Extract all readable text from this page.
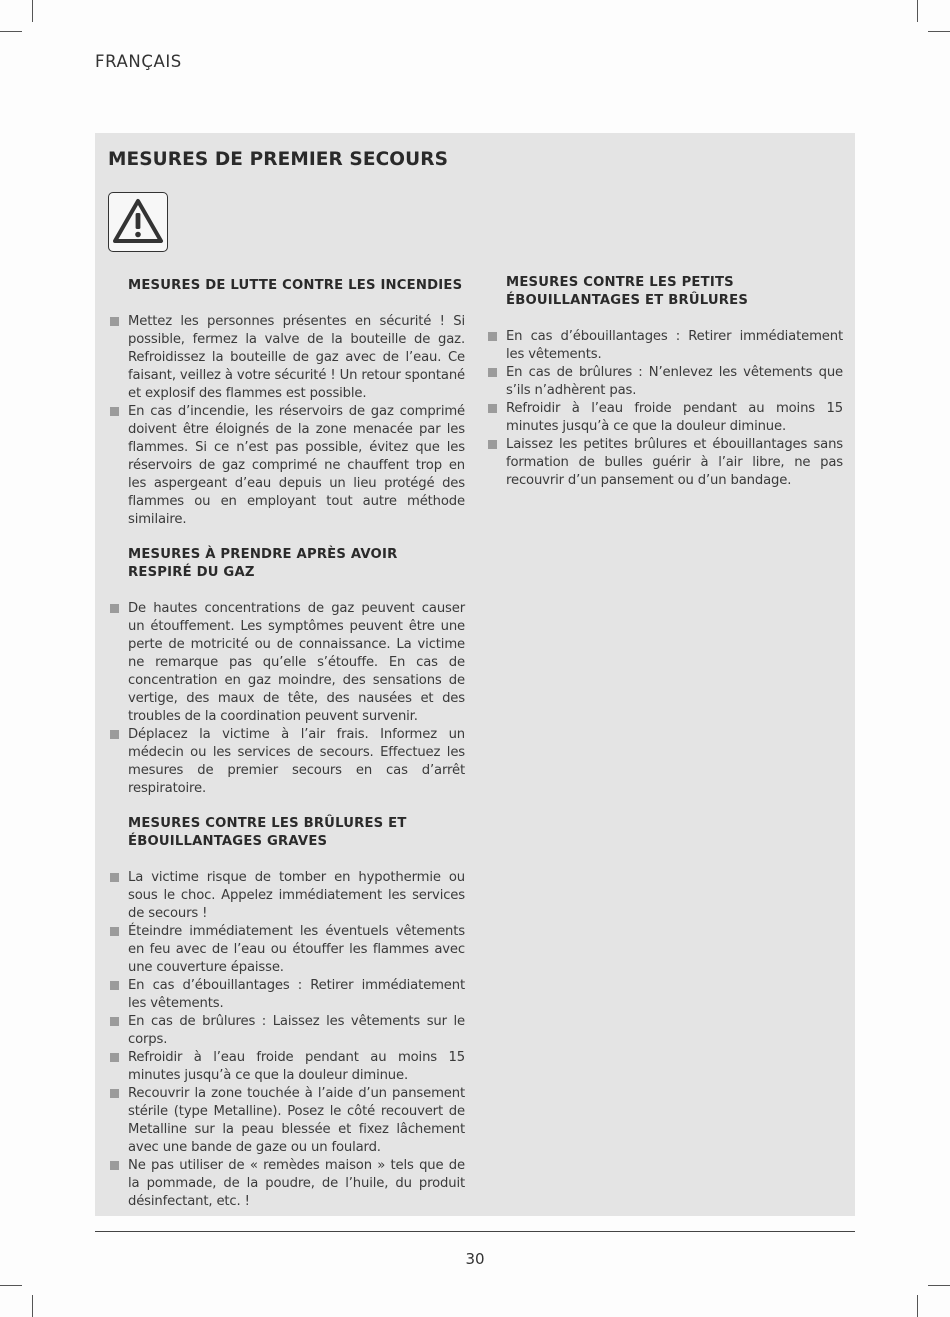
FRANÇAIS
MESURES DE PREMIER SECOURS
MESURES DE LUTTE CONTRE LES INCENDIES
Mettez les personnes présentes en sécurité ! Si possible, fermez la valve de la bouteille de gaz. Refroidissez la bouteille de gaz avec de l’eau. Ce faisant, veillez à votre sécurité ! Un retour spontané et explosif des flammes est possible.
En cas d’incendie, les réservoirs de gaz comprimé doivent être éloignés de la zone menacée par les flammes. Si ce n’est pas possible, évitez que les réservoirs de gaz comprimé ne chauffent trop en les aspergeant d’eau depuis un lieu protégé des flammes ou en employant tout autre méthode similaire.
MESURES À PRENDRE APRÈS AVOIR RESPIRÉ DU GAZ
De hautes concentrations de gaz peuvent causer un étouffement. Les symptômes peuvent être une perte de motricité ou de connaissance. La victime ne remarque pas qu’elle s’étouffe. En cas de concentration en gaz moindre, des sensations de vertige, des maux de tête, des nausées et des troubles de la coordination peuvent survenir.
Déplacez la victime à l’air frais. Informez un médecin ou les services de secours. Effectuez les mesures de premier secours en cas d’arrêt respiratoire.
MESURES CONTRE LES BRÛLURES ET ÉBOUILLANTAGES GRAVES
La victime risque de tomber en hypothermie ou sous le choc. Appelez immédiatement les services de secours !
Éteindre immédiatement les éventuels vêtements en feu avec de l’eau ou étouffer les flammes avec une couverture épaisse.
En cas d’ébouillantages : Retirer immédiatement les vêtements.
En cas de brûlures : Laissez les vêtements sur le corps.
Refroidir à l’eau froide pendant au moins 15 minutes jusqu’à ce que la douleur diminue.
Recouvrir la zone touchée à l’aide d’un pansement stérile (type Metalline). Posez le côté recouvert de Metalline sur la peau blessée et fixez lâchement avec une bande de gaze ou un foulard.
Ne pas utiliser de « remèdes maison » tels que de la pommade, de la poudre, de l’huile, du produit désinfectant, etc. !
MESURES CONTRE LES PETITS ÉBOUILLANTAGES ET BRÛLURES
En cas d’ébouillantages : Retirer immédiatement les vêtements.
En cas de brûlures : N’enlevez les vêtements que s’ils n’adhèrent pas.
Refroidir à l’eau froide pendant au moins 15 minutes jusqu’à ce que la douleur diminue.
Laissez les petites brûlures et ébouillantages sans formation de bulles guérir à l’air libre, ne pas recouvrir d’un pansement ou d’un bandage.
30
